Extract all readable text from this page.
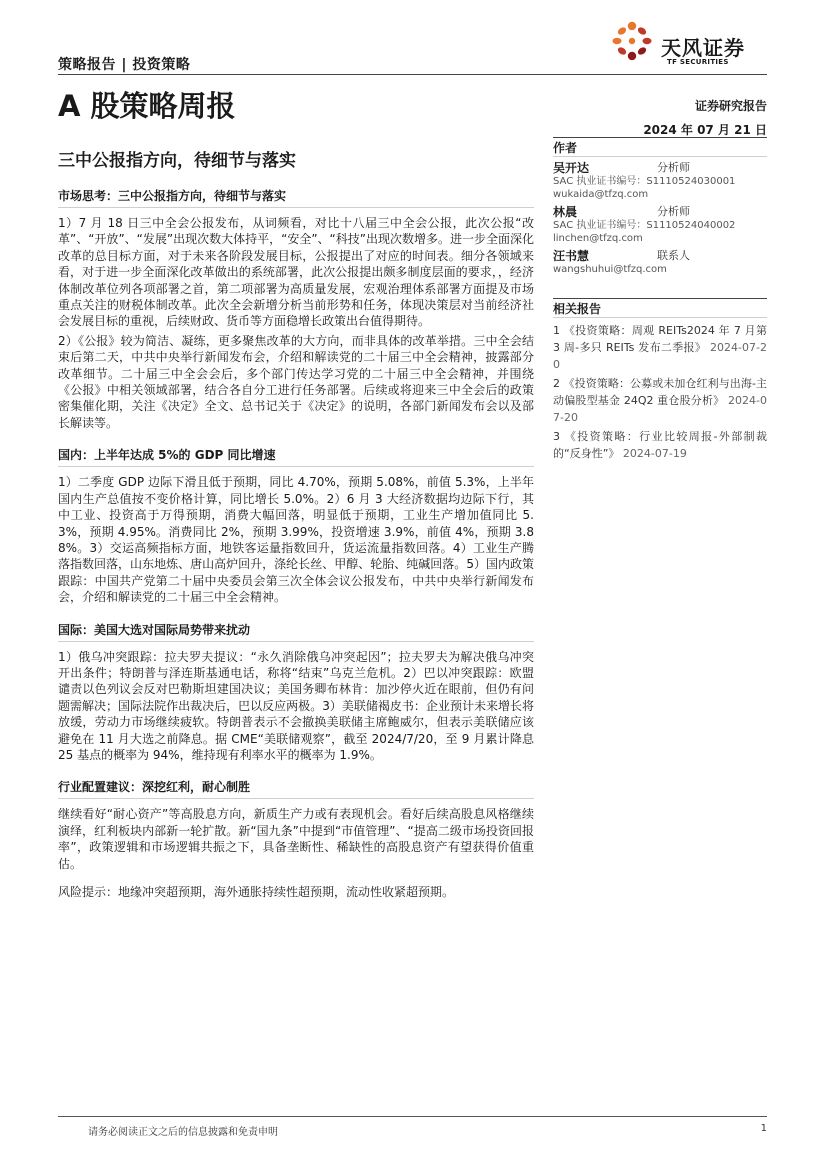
策略报告 | 投资策略
天风证券
TF SECURITIES
A 股策略周报
三中公报指方向，待细节与落实
证券研究报告
2024 年 07 月 21 日
市场思考：三中公报指方向，待细节与落实

1）7 月 18 日三中全会公报发布，从词频看，对比十八届三中全会公报，此次公报“改革”、“开放”、“发展”出现次数大体持平，“安全”、“科技”出现次数增多。进一步全面深化改革的总目标方面，对于未来各阶段发展目标，公报提出了对应的时间表。细分各领域来看，对于进一步全面深化改革做出的系统部署，此次公报提出颇多制度层面的要求，，经济体制改革位列各项部署之首，第二项部署为高质量发展，宏观治理体系部署方面提及市场重点关注的财税体制改革。此次全会新增分析当前形势和任务，体现决策层对当前经济社会发展目标的重视，后续财政、货币等方面稳增长政策出台值得期待。

2）《公报》较为简洁、凝练，更多聚焦改革的大方向，而非具体的改革举措。三中全会结束后第二天，中共中央举行新闻发布会，介绍和解读党的二十届三中全会精神，披露部分改革细节。二十届三中全会会后，多个部门传达学习党的二十届三中全会精神，并围绕《公报》中相关领域部署，结合各自分工进行任务部署。后续或将迎来三中全会后的政策密集催化期，关注《决定》全文、总书记关于《决定》的说明，各部门新闻发布会以及部长解读等。

国内：上半年达成 5%的 GDP 同比增速

1）二季度 GDP 边际下滑且低于预期，同比 4.70%，预期 5.08%，前值 5.3%，上半年国内生产总值按不变价格计算，同比增长 5.0%。2）6 月 3 大经济数据均边际下行，其中工业、投资高于万得预期，消费大幅回落，明显低于预期，工业生产增加值同比 5.3%，预期 4.95%。消费同比 2%，预期 3.99%，投资增速 3.9%，前值 4%，预期 3.88%。3）交运高频指标方面，地铁客运量指数回升，货运流量指数回落。4）工业生产腾落指数回落，山东地炼、唐山高炉回升，涤纶长丝、甲醇、轮胎、纯碱回落。5）国内政策跟踪：中国共产党第二十届中央委员会第三次全体会议公报发布，中共中央举行新闻发布会，介绍和解读党的二十届三中全会精神。

国际：美国大选对国际局势带来扰动

1）俄乌冲突跟踪：拉夫罗夫提议：“永久消除俄乌冲突起因”；拉夫罗夫为解决俄乌冲突开出条件；特朗普与泽连斯基通电话，称将“结束”乌克兰危机。2）巴以冲突跟踪：欧盟谴责以色列议会反对巴勒斯坦建国决议；美国务卿布林肯：加沙停火近在眼前，但仍有问题需解决；国际法院作出裁决后，巴以反应两极。3）美联储褐皮书：企业预计未来增长将放缓，劳动力市场继续疲软。特朗普表示不会撤换美联储主席鲍威尔，但表示美联储应该避免在 11 月大选之前降息。据 CME“美联储观察”，截至 2024/7/20，至 9 月累计降息 25 基点的概率为 94%，维持现有利率水平的概率为 1.9%。

行业配置建议：深挖红利，耐心制胜

继续看好“耐心资产”等高股息方向，新质生产力或有表现机会。看好后续高股息风格继续演绎，红利板块内部新一轮扩散。新“国九条”中提到“市值管理”、“提高二级市场投资回报率”，政策逻辑和市场逻辑共振之下，具备垄断性、稀缺性的高股息资产有望获得价值重估。

风险提示：地缘冲突超预期，海外通胀持续性超预期，流动性收紧超预期。

作者
吴开达	分析师
SAC 执业证书编号：S1110524030001
wukaida@tfzq.com
林晨	分析师
SAC 执业证书编号：S1110524040002
linchen@tfzq.com
汪书慧	联系人
wangshuhui@tfzq.com
相关报告
1 《投资策略：周观 REITs2024 年 7 月第 3 周-多只 REITs 发布二季报》 2024-07-20
2 《投资策略：公募或未加仓红利与出海-主动偏股型基金 24Q2 重仓股分析》 2024-07-20
3 《投资策略：行业比较周报-外部制裁的“反身性”》 2024-07-19
请务必阅读正文之后的信息披露和免责申明	1
